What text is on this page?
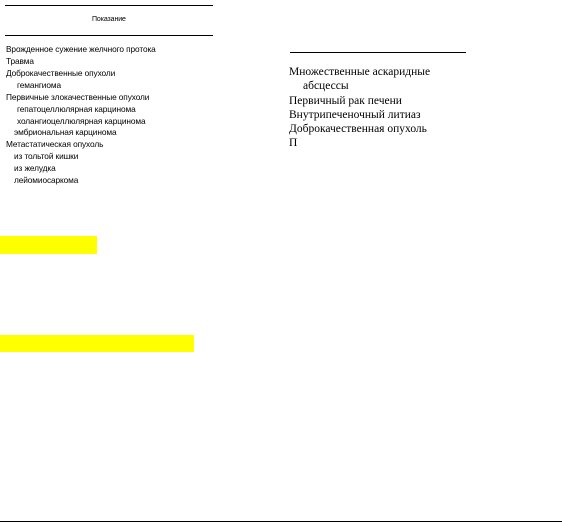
Показание
Врожденное сужение желчного протока
Травма
Доброкачественные опухоли
гемангиома
Первичные злокачественные опухоли
гепатоцеллюлярная карцинома
холангиоцеллюлярная карцинома
эмбриональная карцинома
Метастатическая опухоль
из тольтой кишки
из желудка
лейомиосаркома
Множественные аскаридные
абсцессы
Первичный рак печени
Внутрипеченочный литиаз
Доброкачественная опухоль
П
